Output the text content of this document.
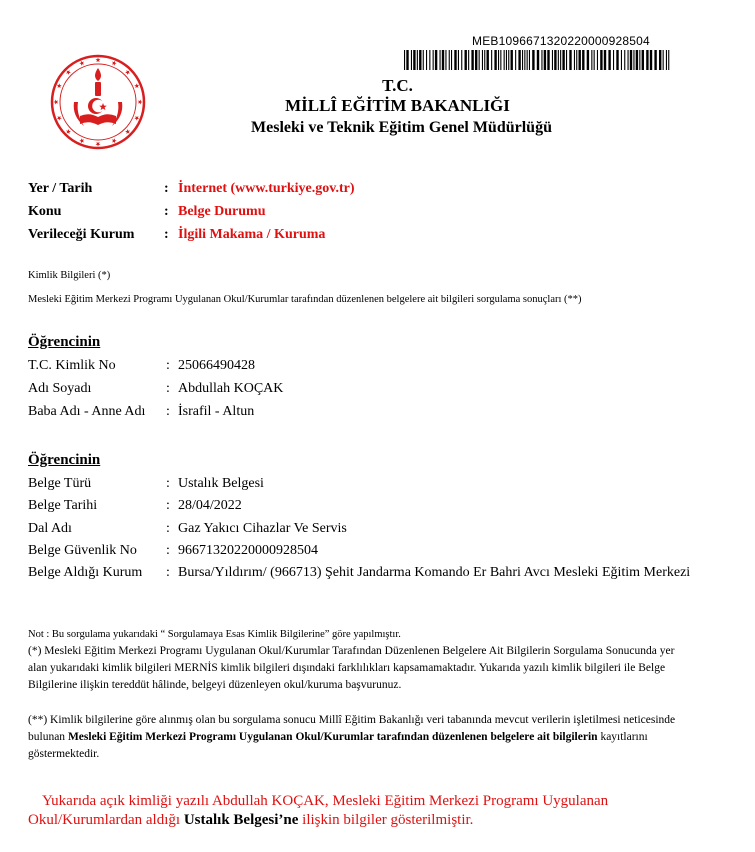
MEB10966713202200009285​04
T.C.
MİLLÎ EĞİTİM BAKANLIĞI
Mesleki ve Teknik Eğitim Genel Müdürlüğü
Yer / Tarih	: İnternet (www.turkiye.gov.tr)
Konu	: Belge Durumu
Verileceği Kurum	: İlgili Makama / Kuruma
Kimlik Bilgileri (*)
Mesleki Eğitim Merkezi Programı Uygulanan Okul/Kurumlar tarafından düzenlenen belgelere ait bilgileri sorgulama sonuçları (**)
Öğrencinin
T.C. Kimlik No	: 25066490428
Adı Soyadı	: Abdullah KOÇAK
Baba Adı - Anne Adı	: İsrafil - Altun
Öğrencinin
Belge Türü	: Ustalık Belgesi
Belge Tarihi	: 28/04/2022
Dal Adı	: Gaz Yakıcı Cihazlar Ve Servis
Belge Güvenlik No	: 96671320220000928504
Belge Aldığı Kurum	: Bursa/Yıldırım/ (966713) Şehit Jandarma Komando Er Bahri Avcı Mesleki Eğitim Merkezi
Not : Bu sorgulama yukarıdaki “ Sorgulamaya Esas Kimlik Bilgilerine” göre yapılmıştır.
(*) Mesleki Eğitim Merkezi Programı Uygulanan Okul/Kurumlar Tarafından Düzenlenen Belgelere Ait Bilgilerin Sorgulama Sonucunda yer alan yukarıdaki kimlik bilgileri MERNİS kimlik bilgileri dışındaki farklılıkları kapsamamaktadır. Yukarıda yazılı kimlik bilgileri ile Belge Bilgilerine ilişkin tereddüt hâlinde, belgeyi düzenleyen okul/kuruma başvurunuz.
(**) Kimlik bilgilerine göre alınmış olan bu sorgulama sonucu Millî Eğitim Bakanlığı veri tabanında mevcut verilerin işletilmesi neticesinde bulunan Mesleki Eğitim Merkezi Programı Uygulanan Okul/Kurumlar tarafından düzenlenen belgelere ait bilgilerin kayıtlarını göstermektedir.
Yukarıda açık kimliği yazılı Abdullah KOÇAK, Mesleki Eğitim Merkezi Programı Uygulanan Okul/Kurumlardan aldığı Ustalık Belgesi’ne ilişkin bilgiler gösterilmiştir.
